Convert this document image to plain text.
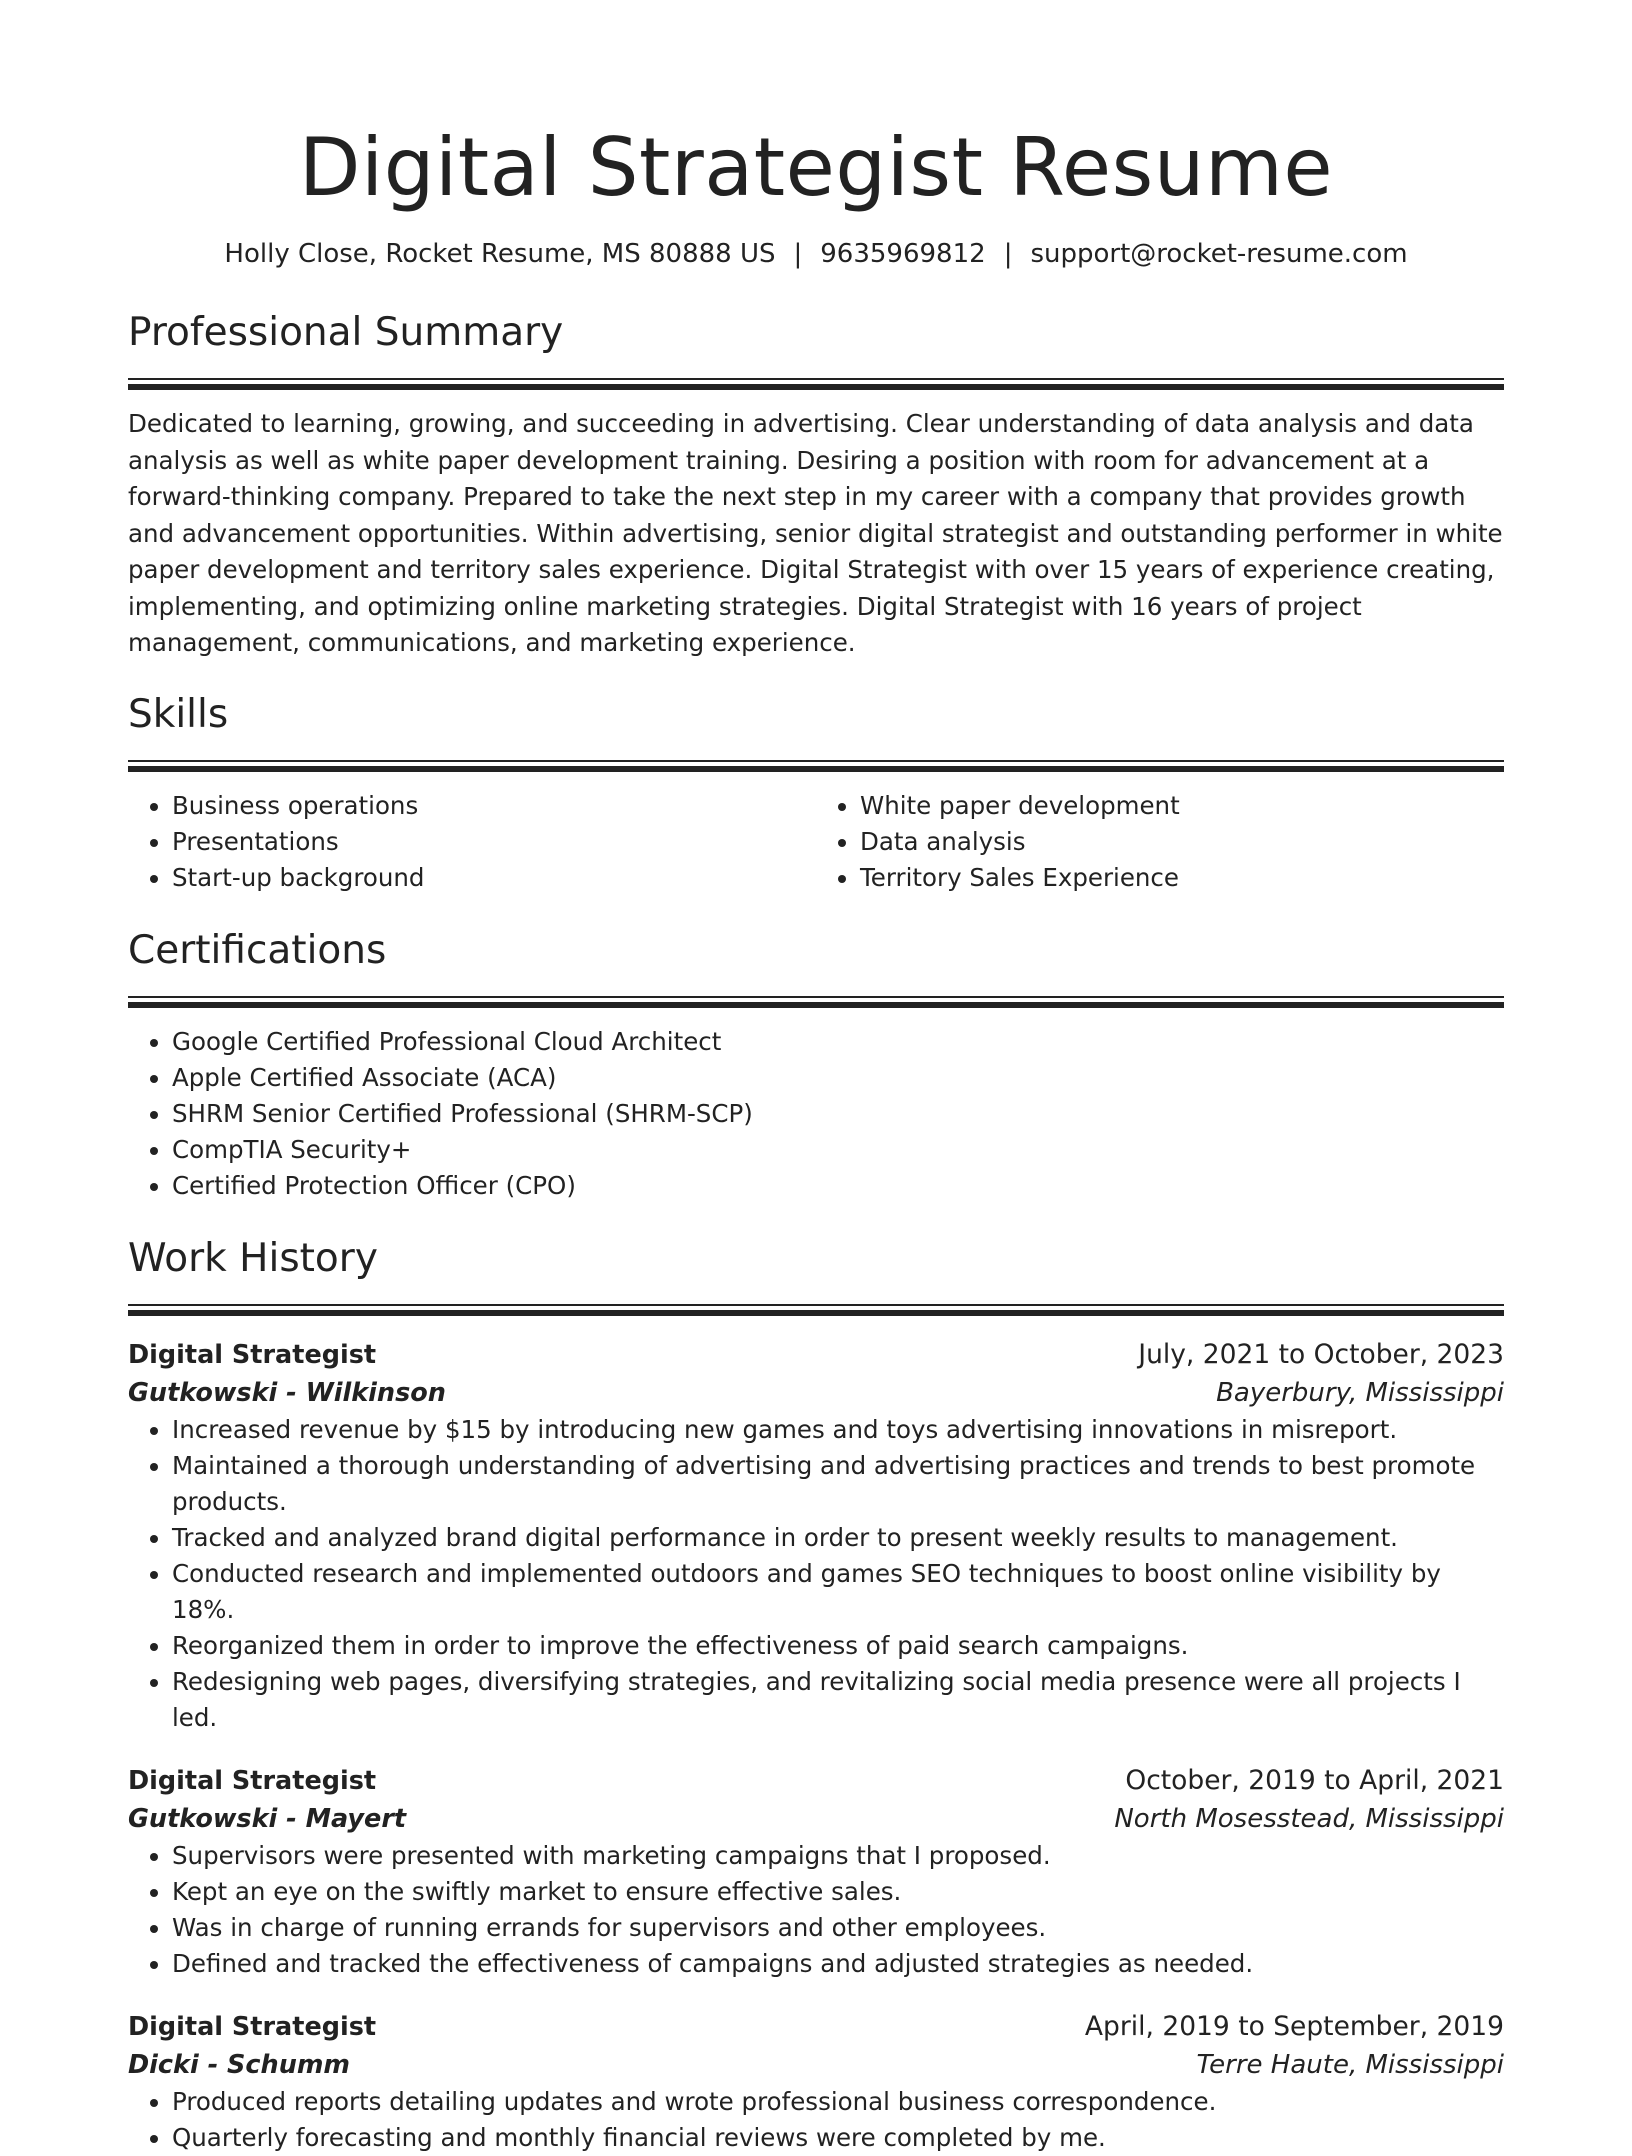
Digital Strategist Resume
Holly Close, Rocket Resume, MS 80888 US | 9635969812 | support@rocket-resume.com
Professional Summary

Dedicated to learning, growing, and succeeding in advertising. Clear understanding of data analysis and data analysis as well as white paper development training. Desiring a position with room for advancement at a forward-thinking company. Prepared to take the next step in my career with a company that provides growth and advancement opportunities. Within advertising, senior digital strategist and outstanding performer in white paper development and territory sales experience. Digital Strategist with over 15 years of experience creating, implementing, and optimizing online marketing strategies. Digital Strategist with 16 years of project management, communications, and marketing experience.

Skills
• Business operations
• Presentations
• Start-up background
• White paper development
• Data analysis
• Territory Sales Experience
Certifications
• Google Certified Professional Cloud Architect
• Apple Certified Associate (ACA)
• SHRM Senior Certified Professional (SHRM-SCP)
• CompTIA Security+
• Certified Protection Officer (CPO)
Work History
Digital Strategist	July, 2021 to October, 2023
Gutkowski - Wilkinson	Bayerbury, Mississippi
• Increased revenue by $15 by introducing new games and toys advertising innovations in misreport.
• Maintained a thorough understanding of advertising and advertising practices and trends to best promote products.
• Tracked and analyzed brand digital performance in order to present weekly results to management.
• Conducted research and implemented outdoors and games SEO techniques to boost online visibility by 18%.
• Reorganized them in order to improve the effectiveness of paid search campaigns.
• Redesigning web pages, diversifying strategies, and revitalizing social media presence were all projects I led.
Digital Strategist	October, 2019 to April, 2021
Gutkowski - Mayert	North Mosesstead, Mississippi
• Supervisors were presented with marketing campaigns that I proposed.
• Kept an eye on the swiftly market to ensure effective sales.
• Was in charge of running errands for supervisors and other employees.
• Defined and tracked the effectiveness of campaigns and adjusted strategies as needed.
Digital Strategist	April, 2019 to September, 2019
Dicki - Schumm	Terre Haute, Mississippi
• Produced reports detailing updates and wrote professional business correspondence.
• Quarterly forecasting and monthly financial reviews were completed by me.
